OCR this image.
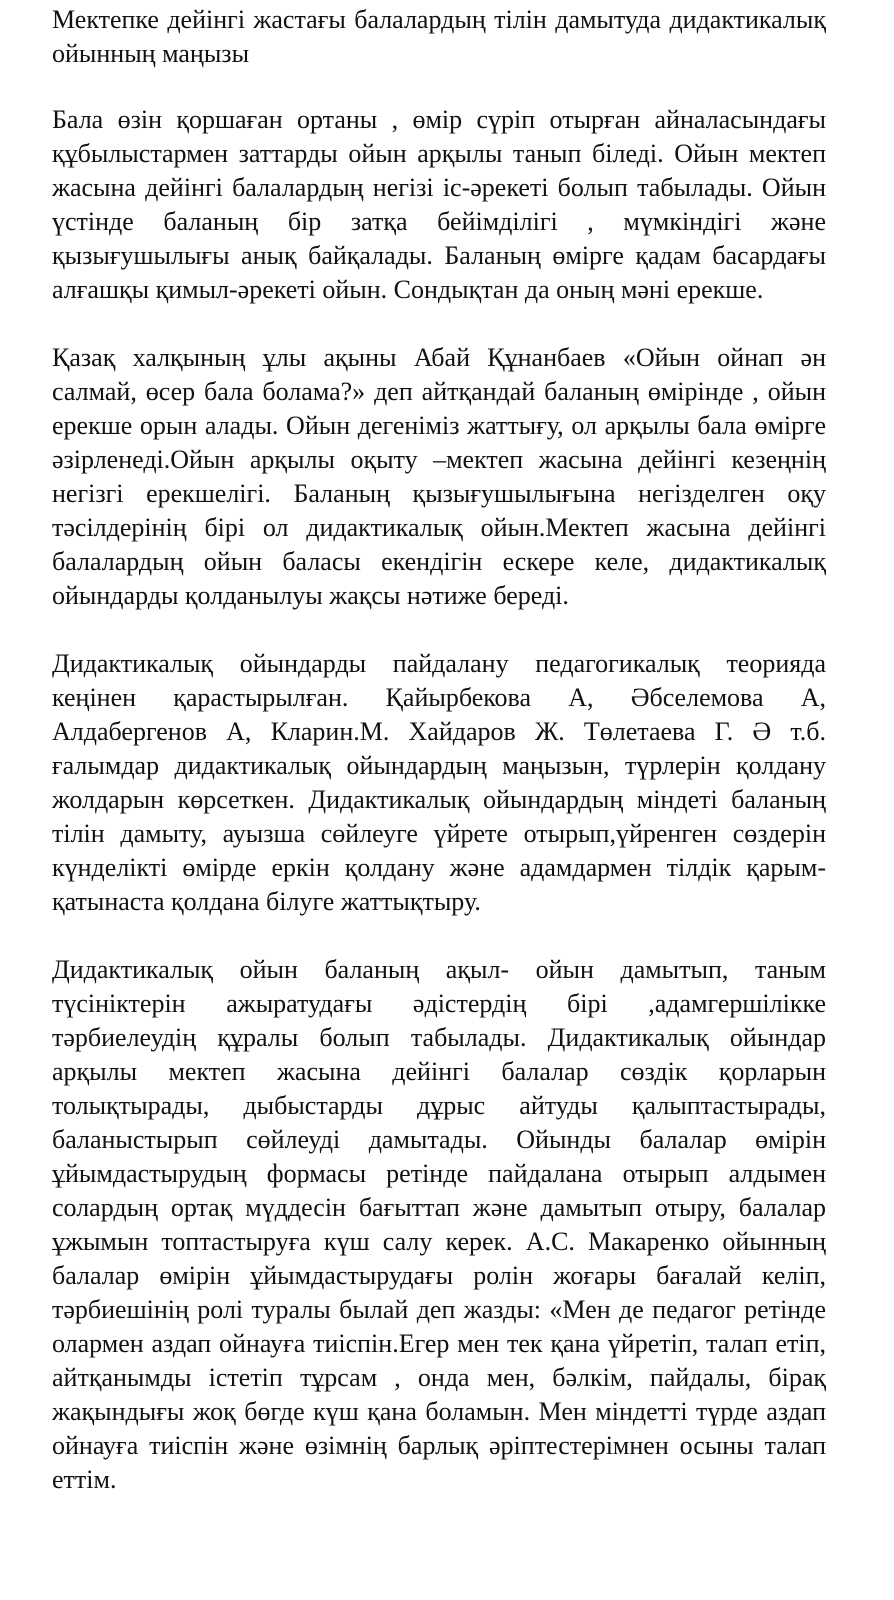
Мектепке дейінгі жастағы балалардың тілін дамытуда дидактикалық ойынның маңызы

Бала өзін қоршаған ортаны , өмір сүріп отырған айналасындағы құбылыстармен заттарды ойын арқылы танып біледі. Ойын мектеп жасына дейінгі балалардың негізі іс-әрекеті болып табылады. Ойын үстінде баланың бір затқа бейімділігі , мүмкіндігі және қызығушылығы анық байқалады. Баланың өмірге қадам басардағы алғашқы қимыл-әрекеті ойын. Сондықтан да оның мәні ерекше.

Қазақ халқының ұлы ақыны Абай Құнанбаев «Ойын ойнап ән салмай, өсер бала болама?» деп айтқандай баланың өмірінде , ойын ерекше орын алады. Ойын дегеніміз жаттығу, ол арқылы бала өмірге әзірленеді.Ойын арқылы оқыту –мектеп жасына дейінгі кезеңнің негізгі ерекшелігі. Баланың қызығушылығына негізделген оқу тәсілдерінің бірі ол дидактикалық ойын.Мектеп жасына дейінгі балалардың ойын баласы екендігін ескере келе, дидактикалық ойындарды қолданылуы жақсы нәтиже береді.

Дидактикалық ойындарды пайдалану педагогикалық теорияда кеңінен қарастырылған. Қайырбекова А, Әбселемова А, Алдабергенов А, Кларин.М. Хайдаров Ж. Төлетаева Г. Ә т.б. ғалымдар дидактикалық ойындардың маңызын, түрлерін қолдану жолдарын көрсеткен. Дидактикалық ойындардың міндеті баланың тілін дамыту, ауызша сөйлеуге үйрете отырып,үйренген сөздерін күнделікті өмірде еркін қолдану және адамдармен тілдік қарым- қатынаста қолдана білуге жаттықтыру.

Дидактикалық ойын баланың ақыл- ойын дамытып, таным түсініктерін ажыратудағы әдістердің бірі ,адамгершілікке тәрбиелеудің құралы болып табылады. Дидактикалық ойындар арқылы мектеп жасына дейінгі балалар сөздік қорларын толықтырады, дыбыстарды дұрыс айтуды қалыптастырады, баланыстырып сөйлеуді дамытады. Ойынды балалар өмірін ұйымдастырудың формасы ретінде пайдалана отырып алдымен солардың ортақ мүддесін бағыттап және дамытып отыру, балалар ұжымын топтастыруға күш салу керек. А.С. Макаренко ойынның балалар өмірін ұйымдастырудағы ролін жоғары бағалай келіп, тәрбиешінің ролі туралы былай деп жазды: «Мен де педагог ретінде олармен аздап ойнауға тиіспін.Егер мен тек қана үйретіп, талап етіп, айтқанымды істетіп тұрсам , онда мен, бәлкім, пайдалы, бірақ жақындығы жоқ бөгде күш қана боламын. Мен міндетті түрде аздап ойнауға тиіспін және өзімнің барлық әріптестерімнен осыны талап еттім.
